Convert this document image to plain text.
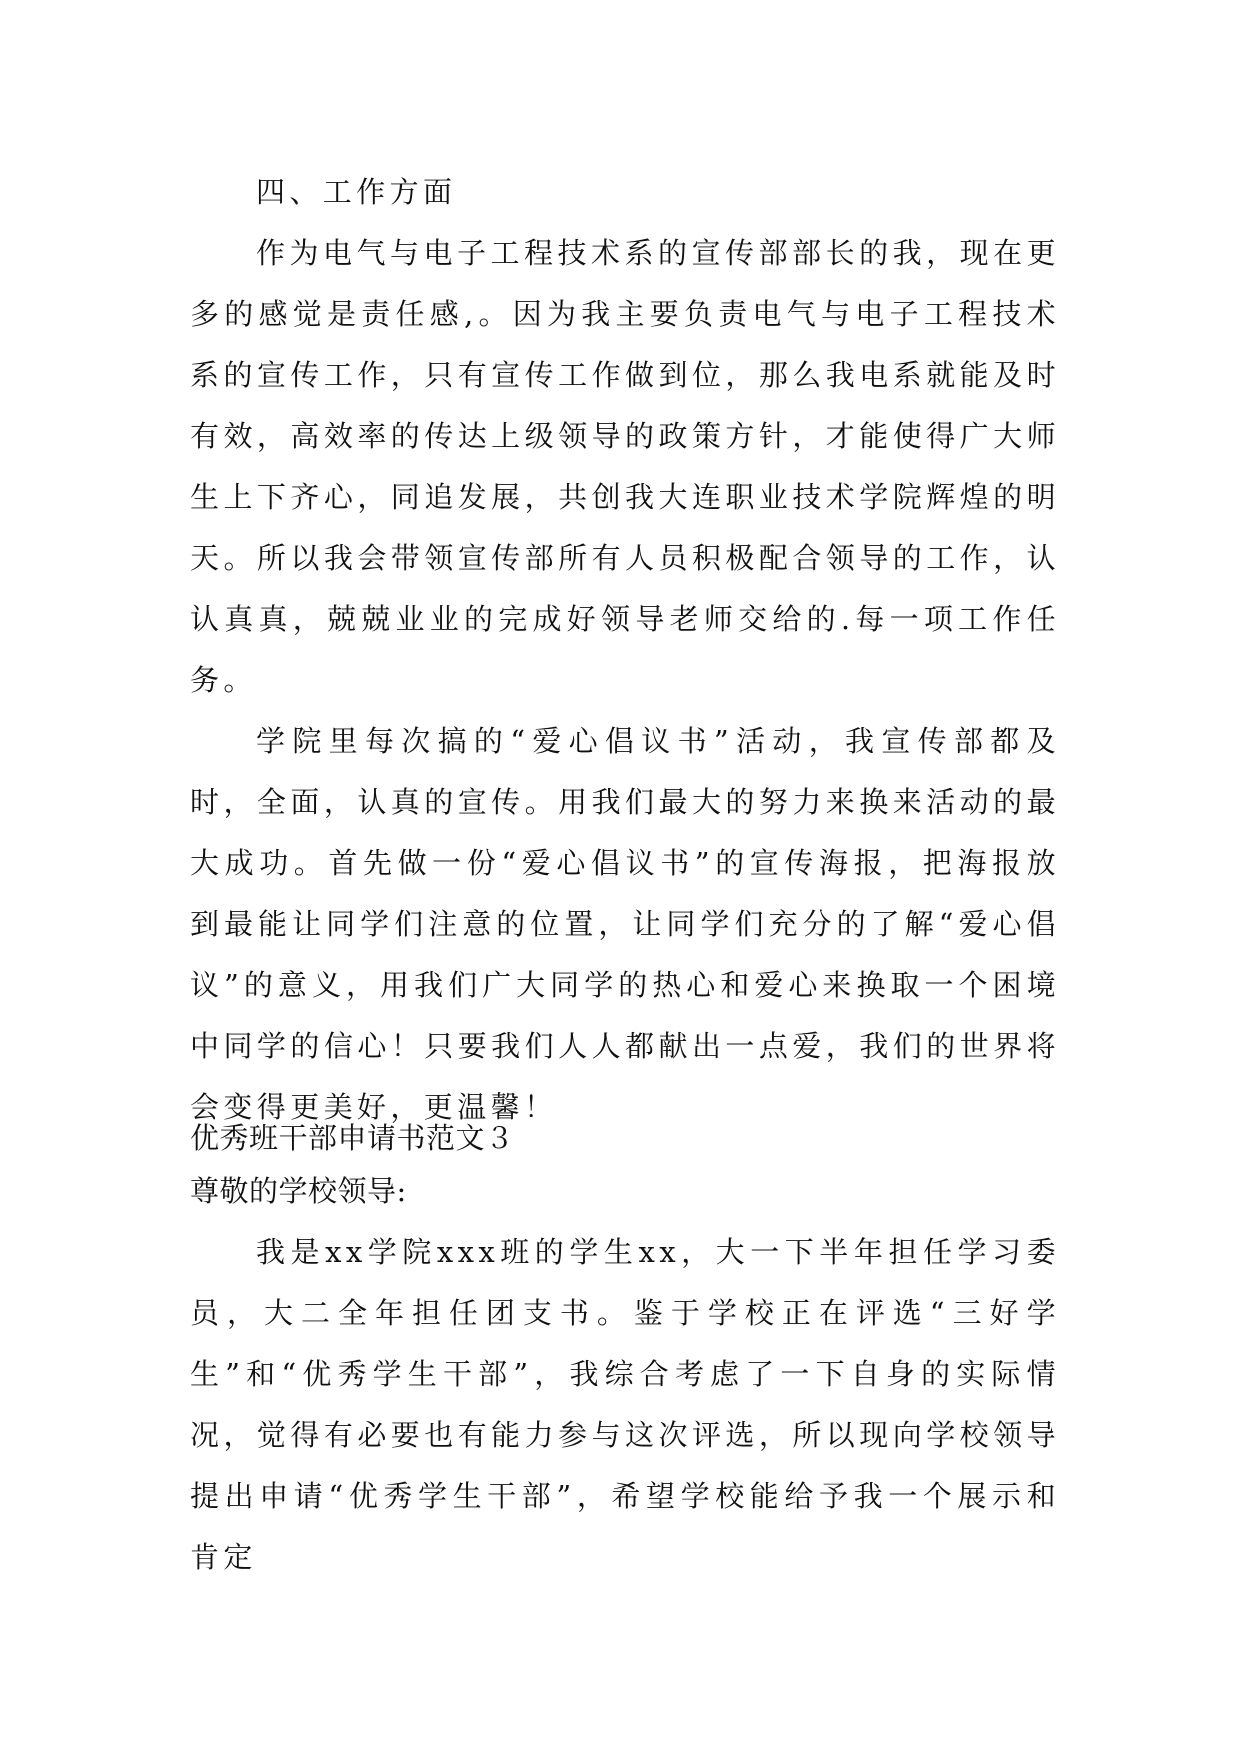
四、工作方面

作为电气与电子工程技术系的宣传部部长的我，现在更多的感觉是责任感,。因为我主要负责电气与电子工程技术系的宣传工作，只有宣传工作做到位，那么我电系就能及时有效，高效率的传达上级领导的政策方针，才能使得广大师生上下齐心，同追发展，共创我大连职业技术学院辉煌的明天。所以我会带领宣传部所有人员积极配合领导的工作，认认真真，兢兢业业的完成好领导老师交给的.每一项工作任务。

学院里每次搞的“爱心倡议书”活动，我宣传部都及时，全面，认真的宣传。用我们最大的努力来换来活动的最大成功。首先做一份“爱心倡议书”的宣传海报，把海报放到最能让同学们注意的位置，让同学们充分的了解“爱心倡议”的意义，用我们广大同学的热心和爱心来换取一个困境中同学的信心！只要我们人人都献出一点爱，我们的世界将会变得更美好，更温馨！

优秀班干部申请书范文３

尊敬的学校领导:

我是xx学院xxx班的学生xx，大一下半年担任学习委员，大二全年担任团支书。鉴于学校正在评选“三好学生”和“优秀学生干部”，我综合考虑了一下自身的实际情况，觉得有必要也有能力参与这次评选，所以现向学校领导提出申请“优秀学生干部”，希望学校能给予我一个展示和肯定
